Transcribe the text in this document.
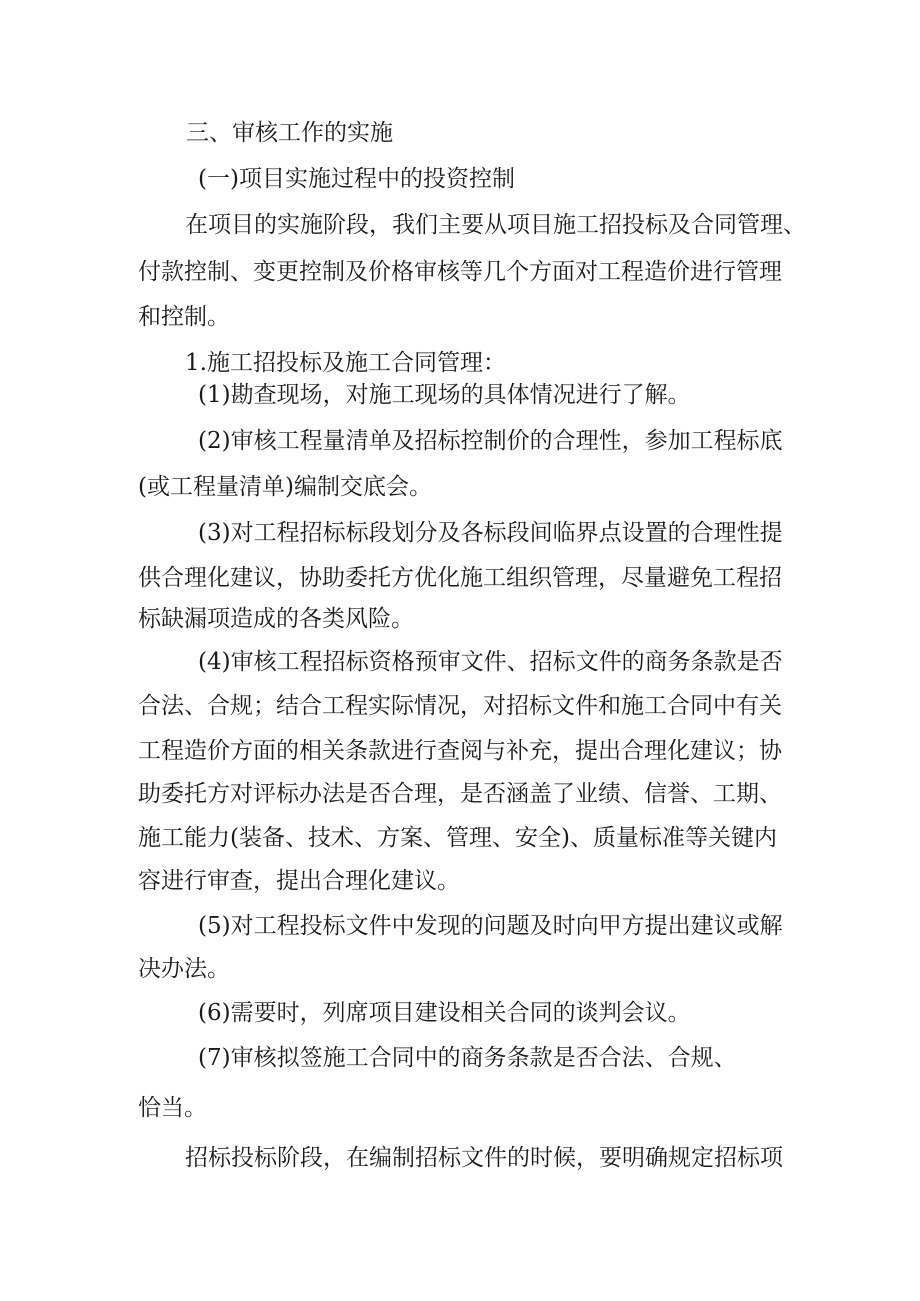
三、审核工作的实施
(一)项目实施过程中的投资控制
在项目的实施阶段，我们主要从项目施工招投标及合同管理、
付款控制、变更控制及价格审核等几个方面对工程造价进行管理
和控制。
1.施工招投标及施工合同管理：
(1)勘查现场，对施工现场的具体情况进行了解。
(2)审核工程量清单及招标控制价的合理性，参加工程标底
(或工程量清单)编制交底会。
(3)对工程招标标段划分及各标段间临界点设置的合理性提
供合理化建议，协助委托方优化施工组织管理，尽量避免工程招
标缺漏项造成的各类风险。
(4)审核工程招标资格预审文件、招标文件的商务条款是否
合法、合规；结合工程实际情况，对招标文件和施工合同中有关
工程造价方面的相关条款进行查阅与补充，提出合理化建议；协
助委托方对评标办法是否合理，是否涵盖了业绩、信誉、工期、
施工能力(装备、技术、方案、管理、安全)、质量标准等关键内
容进行审查，提出合理化建议。
(5)对工程投标文件中发现的问题及时向甲方提出建议或解
决办法。
(6)需要时，列席项目建设相关合同的谈判会议。
(7)审核拟签施工合同中的商务条款是否合法、合规、
恰当。
招标投标阶段，在编制招标文件的时候，要明确规定招标项
